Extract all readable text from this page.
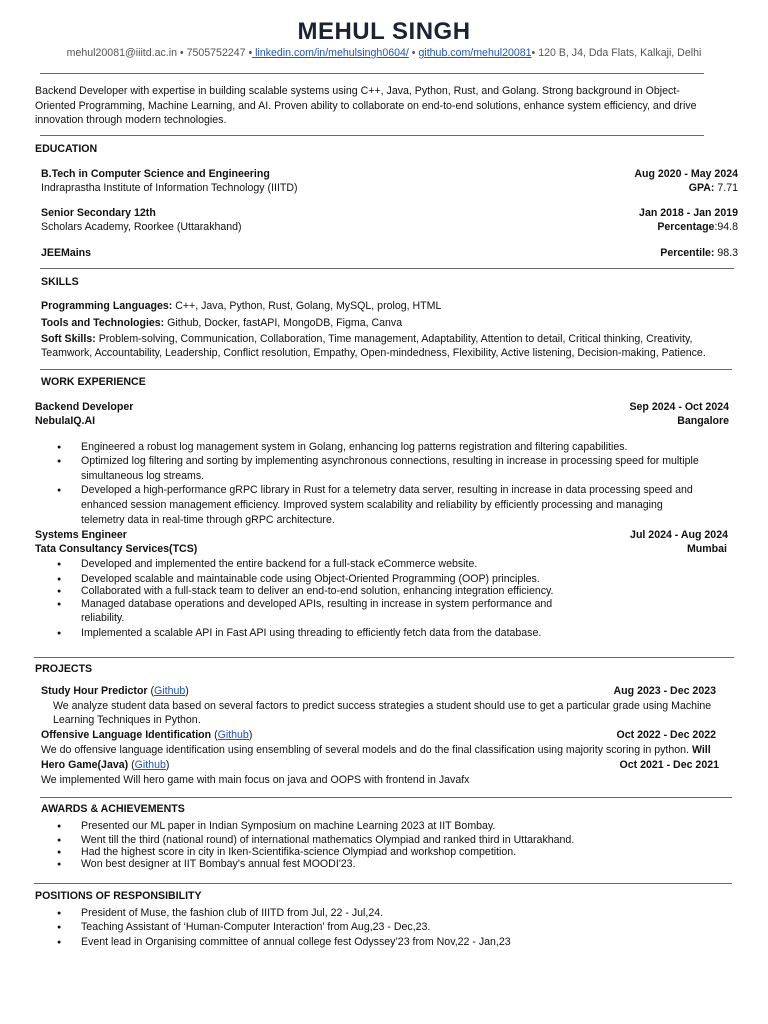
MEHUL SINGH
mehul20081@iiitd.ac.in • 7505752247 • linkedin.com/in/mehulsingh0604/ • github.com/mehul20081• 120 B, J4, Dda Flats, Kalkaji, Delhi
Backend Developer with expertise in building scalable systems using C++, Java, Python, Rust, and Golang. Strong background in Object-Oriented Programming, Machine Learning, and AI. Proven ability to collaborate on end-to-end solutions, enhance system efficiency, and drive innovation through modern technologies.
EDUCATION
B.Tech in Computer Science and Engineering	Aug 2020 - May 2024
Indraprastha Institute of Information Technology (IIITD)	GPA: 7.71
Senior Secondary 12th	Jan 2018 - Jan 2019
Scholars Academy, Roorkee (Uttarakhand)	Percentage:94.8
JEEMains	Percentile: 98.3
SKILLS
Programming Languages: C++, Java, Python, Rust, Golang, MySQL, prolog, HTML
Tools and Technologies: Github, Docker, fastAPI, MongoDB, Figma, Canva
Soft Skills: Problem-solving, Communication, Collaboration, Time management, Adaptability, Attention to detail, Critical thinking, Creativity,
Teamwork, Accountability, Leadership, Conflict resolution, Empathy, Open-mindedness, Flexibility, Active listening, Decision-making, Patience.
WORK EXPERIENCE
Backend Developer	Sep 2024 - Oct 2024
NebulaIQ.AI	Bangalore
● Engineered a robust log management system in Golang, enhancing log patterns registration and filtering capabilities.
● Optimized log filtering and sorting by implementing asynchronous connections, resulting in increase in processing speed for multiple
simultaneous log streams.
● Developed a high-performance gRPC library in Rust for a telemetry data server, resulting in increase in data processing speed and
enhanced session management efficiency. Improved system scalability and reliability by efficiently processing and managing
telemetry data in real-time through gRPC architecture.
Systems Engineer	Jul 2024 - Aug 2024
Tata Consultancy Services(TCS)	Mumbai
● Developed and implemented the entire backend for a full-stack eCommerce website.
● Developed scalable and maintainable code using Object-Oriented Programming (OOP) principles.
● Collaborated with a full-stack team to deliver an end-to-end solution, enhancing integration efficiency.
● Managed database operations and developed APIs, resulting in increase in system performance and
reliability.
● Implemented a scalable API in Fast API using threading to efficiently fetch data from the database.
PROJECTS
Study Hour Predictor (Github)	Aug 2023 - Dec 2023
We analyze student data based on several factors to predict success strategies a student should use to get a particular grade using Machine
Learning Techniques in Python.
Offensive Language Identification (Github)	Oct 2022 - Dec 2022
We do offensive language identification using ensembling of several models and do the final classification using majority scoring in python. Will
Hero Game(Java) (Github)	Oct 2021 - Dec 2021
We implemented Will hero game with main focus on java and OOPS with frontend in Javafx
AWARDS & ACHIEVEMENTS
● Presented our ML paper in Indian Symposium on machine Learning 2023 at IIT Bombay.
● Went till the third (national round) of international mathematics Olympiad and ranked third in Uttarakhand.
● Had the highest score in city in Iken-Scientifika-science Olympiad and workshop competition.
● Won best designer at IIT Bombay's annual fest MOODI'23.
POSITIONS OF RESPONSIBILITY
● President of Muse, the fashion club of IIITD from Jul, 22 - Jul,24.
● Teaching Assistant of ‘Human-Computer Interaction’ from Aug,23 - Dec,23.
● Event lead in Organising committee of annual college fest Odyssey’23 from Nov,22 - Jan,23
